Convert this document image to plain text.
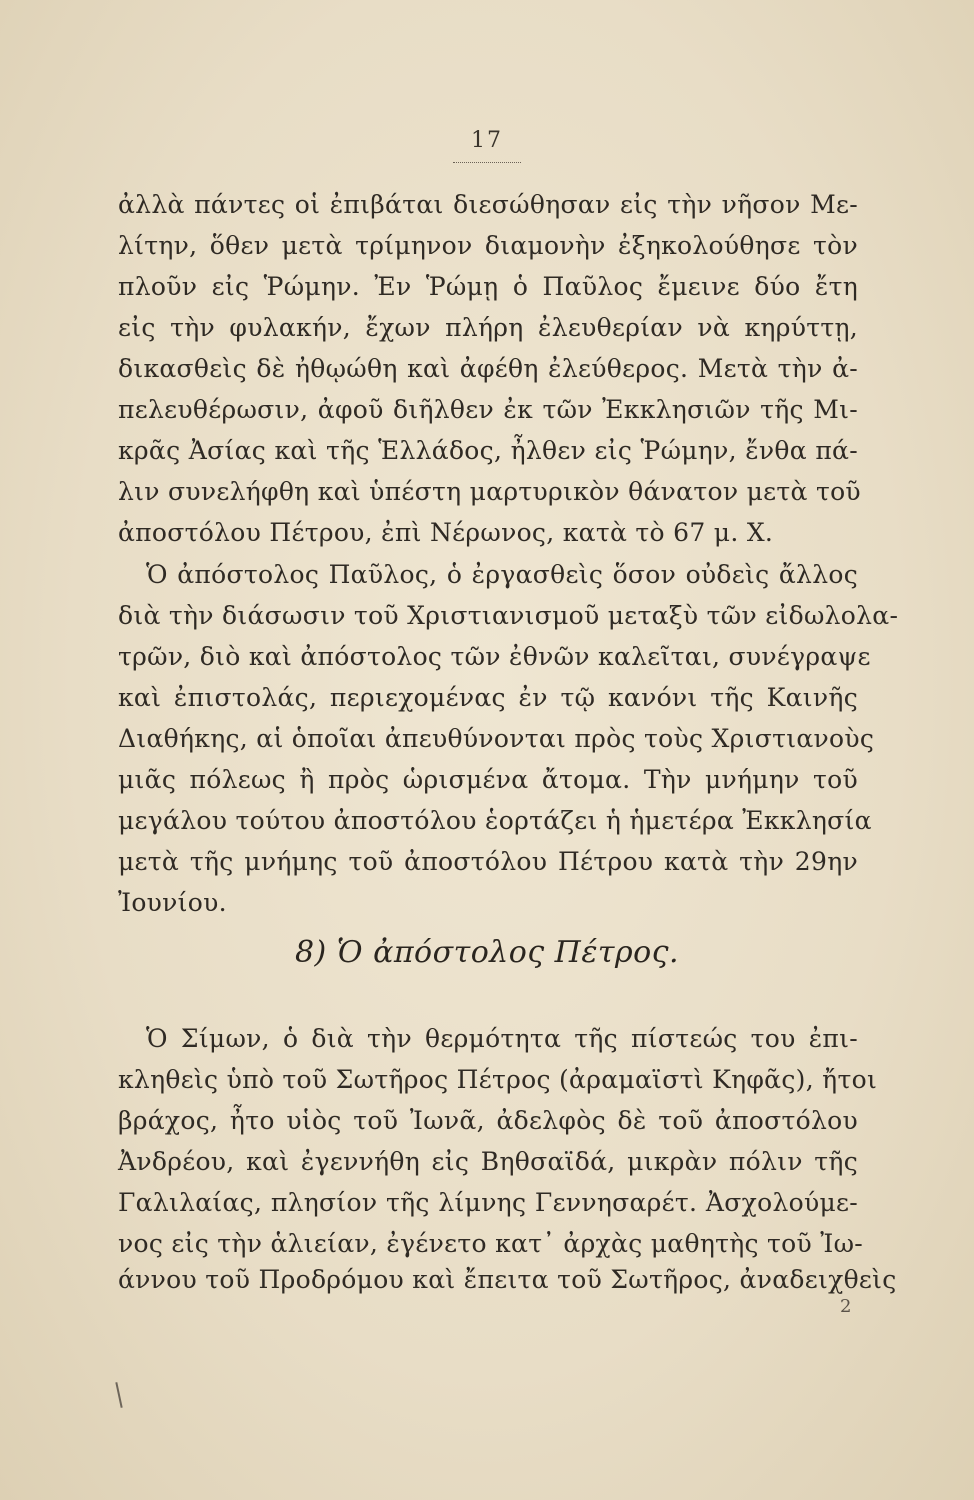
17
ἀλλὰ πάντες οἱ ἐπιβάται διεσώθησαν εἰς τὴν νῆσον Με-
λίτην, ὅθεν μετὰ τρίμηνον διαμονὴν ἐξηκολούθησε τὸν
πλοῦν εἰς Ῥώμην. Ἐν Ῥώμῃ ὁ Παῦλος ἔμεινε δύο ἔτη
εἰς τὴν φυλακήν, ἔχων πλήρη ἐλευθερίαν νὰ κηρύττῃ,
δικασθεὶς δὲ ἠθῳώθη καὶ ἀφέθη ἐλεύθερος. Μετὰ τὴν ἀ-
πελευθέρωσιν, ἀφοῦ διῆλθεν ἐκ τῶν Ἐκκλησιῶν τῆς Μι-
κρᾶς Ἀσίας καὶ τῆς Ἑλλάδος, ἦλθεν εἰς Ῥώμην, ἔνθα πά-
λιν συνελήφθη καὶ ὑπέστη μαρτυρικὸν θάνατον μετὰ τοῦ
ἀποστόλου Πέτρου, ἐπὶ Νέρωνος, κατὰ τὸ 67 μ. Χ.
Ὁ ἀπόστολος Παῦλος, ὁ ἐργασθεὶς ὅσον οὐδεὶς ἄλλος
διὰ τὴν διάσωσιν τοῦ Χριστιανισμοῦ μεταξὺ τῶν εἰδωλολα-
τρῶν, διὸ καὶ ἀπόστολος τῶν ἐθνῶν καλεῖται, συνέγραψε
καὶ ἐπιστολάς, περιεχομένας ἐν τῷ κανόνι τῆς Καινῆς
Διαθήκης, αἱ ὁποῖαι ἀπευθύνονται πρὸς τοὺς Χριστιανοὺς
μιᾶς πόλεως ἢ πρὸς ὡρισμένα ἄτομα. Τὴν μνήμην τοῦ
μεγάλου τούτου ἀποστόλου ἑορτάζει ἡ ἡμετέρα Ἐκκλησία
μετὰ τῆς μνήμης τοῦ ἀποστόλου Πέτρου κατὰ τὴν 29ην
Ἰουνίου.
8) Ὁ ἀπόστολος Πέτρος.
Ὁ Σίμων, ὁ διὰ τὴν θερμότητα τῆς πίστεώς του ἐπι-
κληθεὶς ὑπὸ τοῦ Σωτῆρος Πέτρος (ἀραμαϊστὶ Κηφᾶς), ἤτοι
βράχος, ἦτο υἱὸς τοῦ Ἰωνᾶ, ἀδελφὸς δὲ τοῦ ἀποστόλου
Ἀνδρέου, καὶ ἐγεννήθη εἰς Βηθσαϊδά, μικρὰν πόλιν τῆς
Γαλιλαίας, πλησίον τῆς λίμνης Γεννησαρέτ. Ἀσχολούμε-
νος εἰς τὴν ἁλιείαν, ἐγένετο κατ᾽ ἀρχὰς μαθητὴς τοῦ Ἰω-
άννου τοῦ Προδρόμου καὶ ἔπειτα τοῦ Σωτῆρος, ἀναδειχθεὶς
2
